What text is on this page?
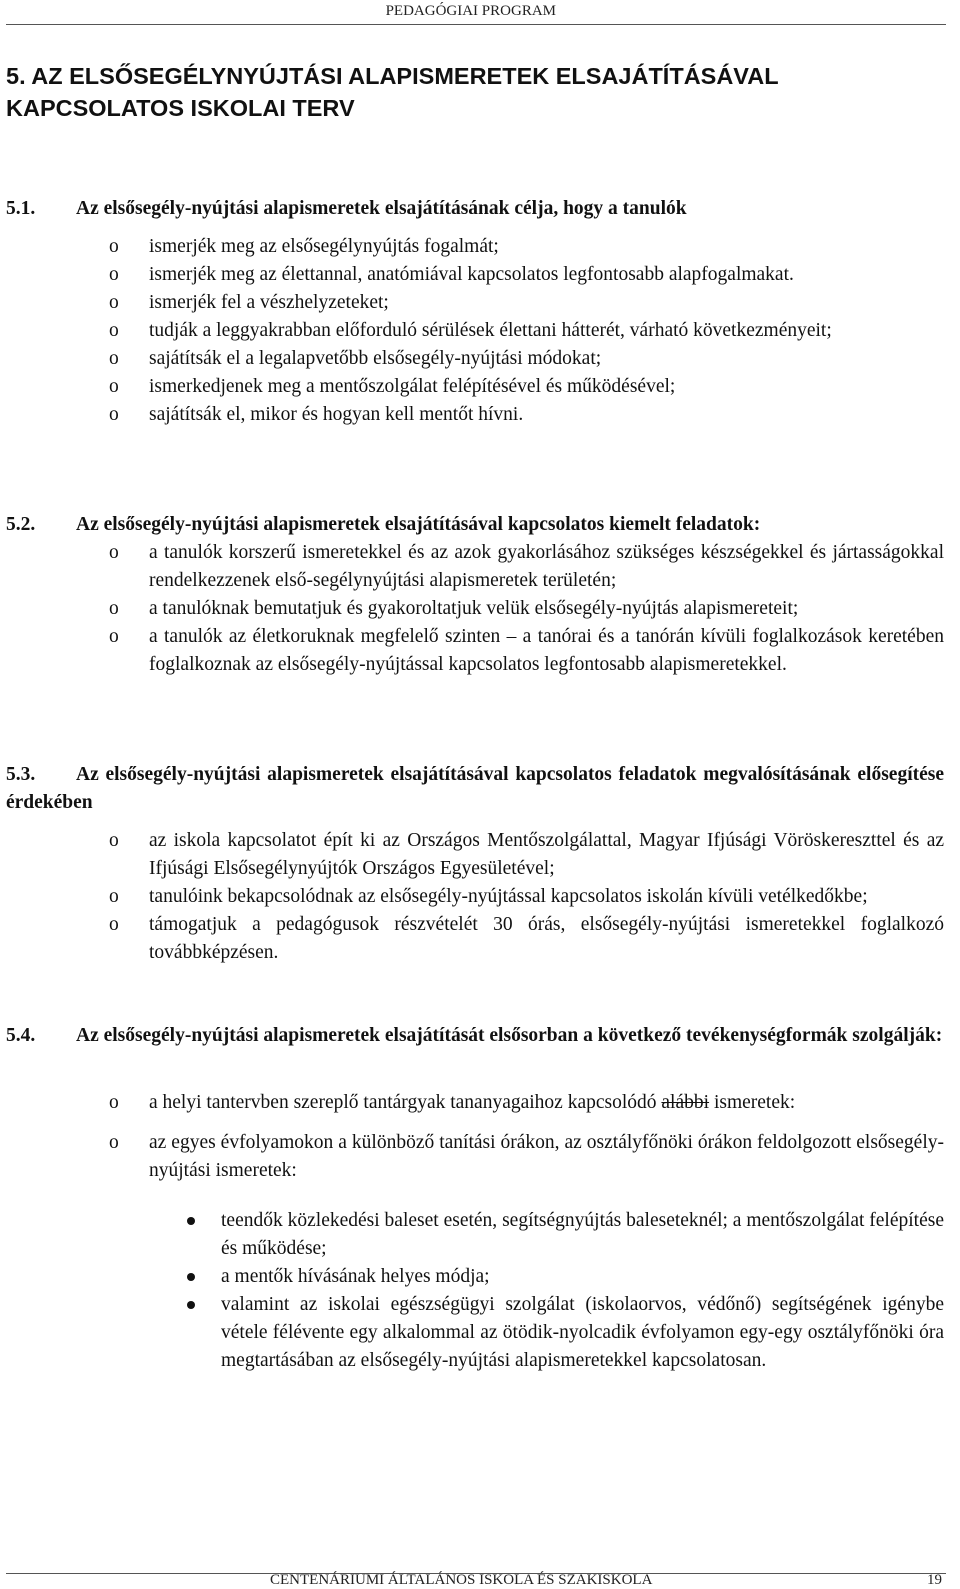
PEDAGÓGIAI PROGRAM
5. AZ ELSŐSEGÉLYNYÚJTÁSI ALAPISMERETEK ELSAJÁTÍTÁSÁVAL KAPCSOLATOS ISKOLAI TERV

5.1. Az elsősegély-nyújtási alapismeretek elsajátításának célja, hogy a tanulók

o	ismerjék meg az elsősegélynyújtás fogalmát;
o	ismerjék meg az élettannal, anatómiával kapcsolatos legfontosabb alapfogalmakat.
o	ismerjék fel a vészhelyzeteket;
o	tudják a leggyakrabban előforduló sérülések élettani hátterét, várható következményeit;
o	sajátítsák el a legalapvetőbb elsősegély-nyújtási módokat;
o	ismerkedjenek meg a mentőszolgálat felépítésével és működésével;
o	sajátítsák el, mikor és hogyan kell mentőt hívni.

5.2. Az elsősegély-nyújtási alapismeretek elsajátításával kapcsolatos kiemelt feladatok:

o	a tanulók korszerű ismeretekkel és az azok gyakorlásához szükséges készségekkel és jártasságokkal rendelkezzenek első-segélynyújtási alapismeretek területén;
o	a tanulóknak bemutatjuk és gyakoroltatjuk velük elsősegély-nyújtás alapismereteit;
o	a tanulók az életkoruknak megfelelő szinten – a tanórai és a tanórán kívüli foglalkozások keretében foglalkoznak az elsősegély-nyújtással kapcsolatos legfontosabb alapismeretekkel.

5.3. Az elsősegély-nyújtási alapismeretek elsajátításával kapcsolatos feladatok megvalósításának elősegítése érdekében

o	az iskola kapcsolatot épít ki az Országos Mentőszolgálattal, Magyar Ifjúsági Vöröskereszttel és az Ifjúsági Elsősegélynyújtók Országos Egyesületével;
o	tanulóink bekapcsolódnak az elsősegély-nyújtással kapcsolatos iskolán kívüli vetélkedőkbe;
o	támogatjuk a pedagógusok részvételét 30 órás, elsősegély-nyújtási ismeretekkel foglalkozó továbbképzésen.

5.4. Az elsősegély-nyújtási alapismeretek elsajátítását elsősorban a következő tevékenységformák szolgálják:

o	a helyi tantervben szereplő tantárgyak tananyagaihoz kapcsolódó alábbi ismeretek:
o	az egyes évfolyamokon a különböző tanítási órákon, az osztályfőnöki órákon feldolgozott elsősegély-nyújtási ismeretek:
teendők közlekedési baleset esetén, segítségnyújtás baleseteknél; a mentőszolgálat felépítése és működése;
a mentők hívásának helyes módja;
valamint az iskolai egészségügyi szolgálat (iskolaorvos, védőnő) segítségének igénybe vétele félévente egy alkalommal az ötödik-nyolcadik évfolyamon egy-egy osztályfőnöki óra megtartásában az elsősegély-nyújtási alapismeretekkel kapcsolatosan.
CENTENÁRIUMI ÁLTALÁNOS ISKOLA ÉS SZAKISKOLA	19
